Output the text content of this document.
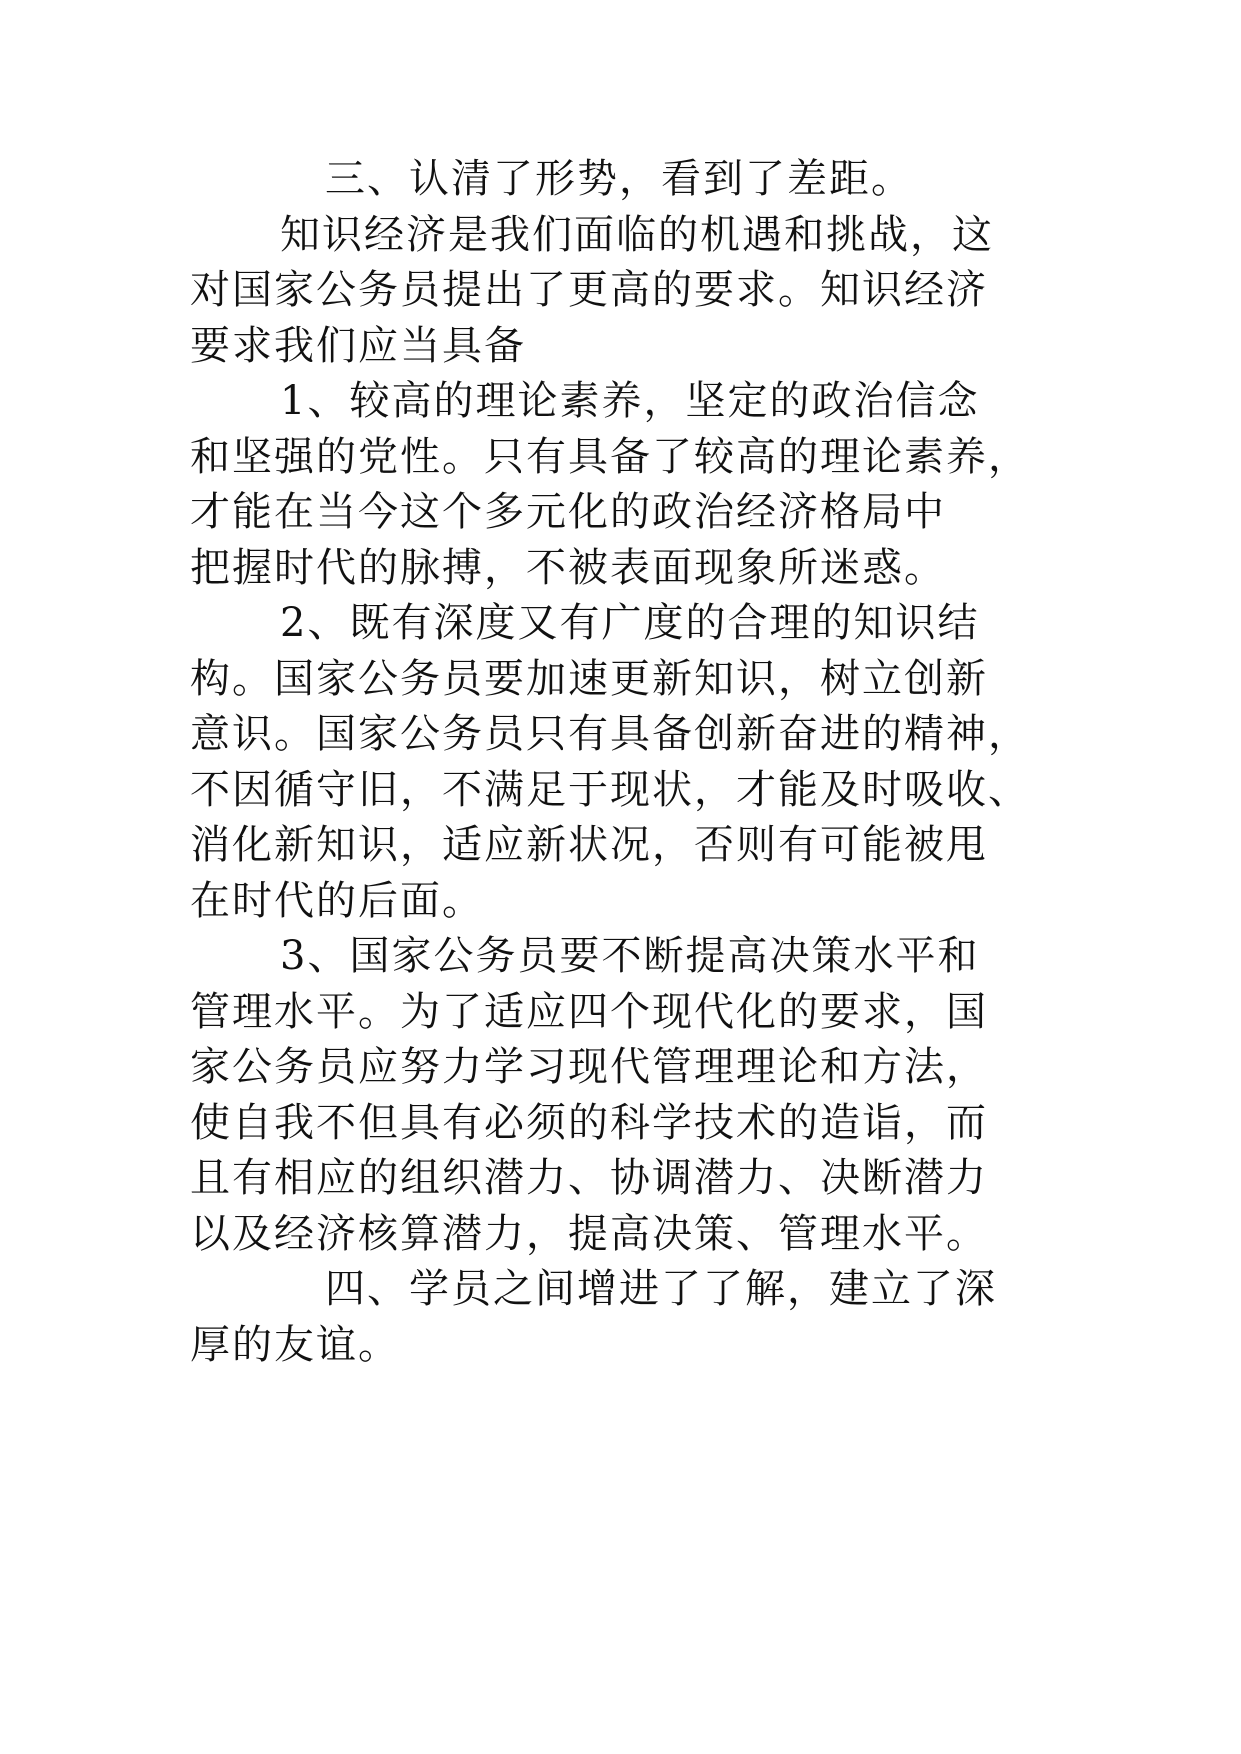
三、认清了形势，看到了差距。
知识经济是我们面临的机遇和挑战，这
对国家公务员提出了更高的要求。知识经济
要求我们应当具备
1、较高的理论素养，坚定的政治信念
和坚强的党性。只有具备了较高的理论素养，
才能在当今这个多元化的政治经济格局中
把握时代的脉搏，不被表面现象所迷惑。
2、既有深度又有广度的合理的知识结
构。国家公务员要加速更新知识，树立创新
意识。国家公务员只有具备创新奋进的精神，
不因循守旧，不满足于现状，才能及时吸收、
消化新知识，适应新状况，否则有可能被甩
在时代的后面。
3、国家公务员要不断提高决策水平和
管理水平。为了适应四个现代化的要求，国
家公务员应努力学习现代管理理论和方法，
使自我不但具有必须的科学技术的造诣，而
且有相应的组织潜力、协调潜力、决断潜力
以及经济核算潜力，提高决策、管理水平。
四、学员之间增进了了解，建立了深
厚的友谊。
